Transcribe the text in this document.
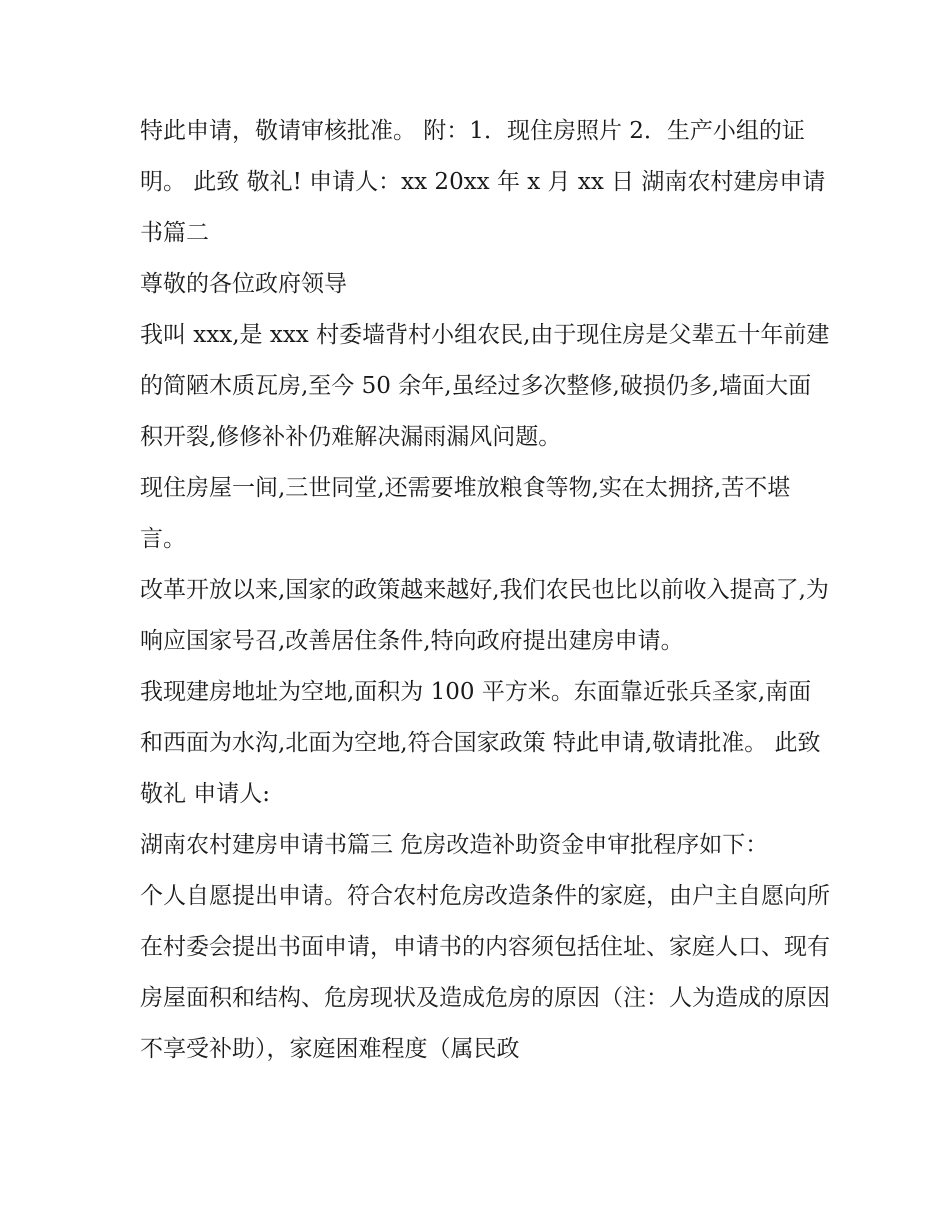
特此申请，敬请审核批准。 附：1．现住房照片 2．生产小组的证明。 此致 敬礼! 申请人：xx 20xx 年 x 月 xx 日 湖南农村建房申请书篇二

尊敬的各位政府领导

我叫 xxx,是 xxx 村委墙背村小组农民,由于现住房是父辈五十年前建的简陋木质瓦房,至今 50 余年,虽经过多次整修,破损仍多,墙面大面积开裂,修修补补仍难解决漏雨漏风问题。

现住房屋一间,三世同堂,还需要堆放粮食等物,实在太拥挤,苦不堪言。

改革开放以来,国家的政策越来越好,我们农民也比以前收入提高了,为响应国家号召,改善居住条件,特向政府提出建房申请。

我现建房地址为空地,面积为 100 平方米。东面靠近张兵圣家,南面和西面为水沟,北面为空地,符合国家政策 特此申请,敬请批准。 此致 敬礼 申请人:

湖南农村建房申请书篇三 危房改造补助资金申审批程序如下：

个人自愿提出申请。符合农村危房改造条件的家庭，由户主自愿向所在村委会提出书面申请，申请书的内容须包括住址、家庭人口、现有房屋面积和结构、危房现状及造成危房的原因（注：人为造成的原因不享受补助），家庭困难程度（属民政
